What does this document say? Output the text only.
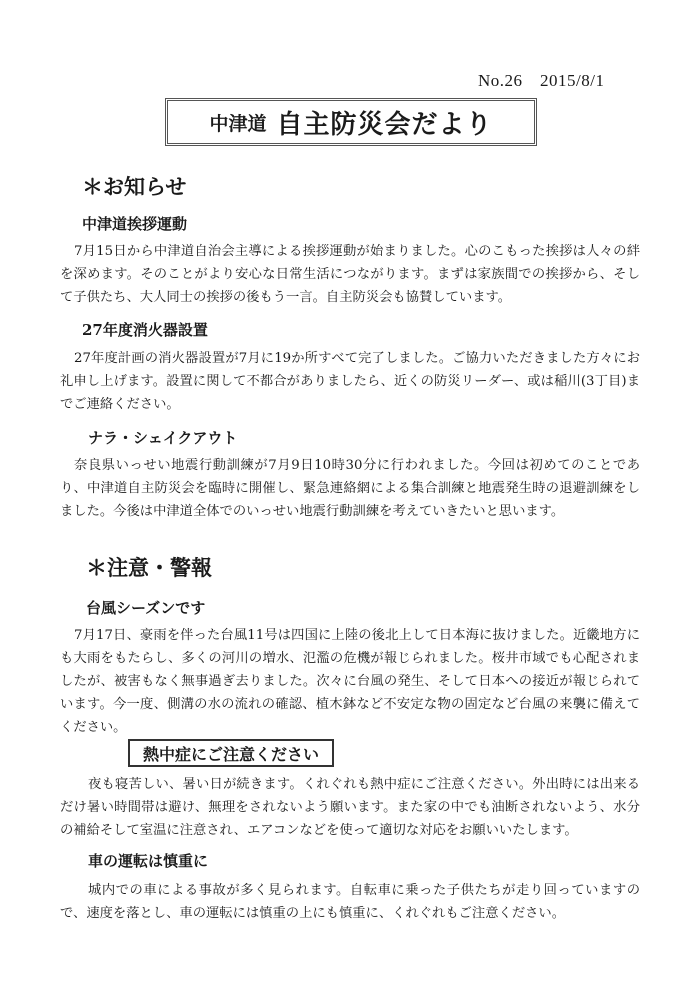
No.26　2015/8/1
中津道 自主防災会だより
＊お知らせ
中津道挨拶運動
7月15日から中津道自治会主導による挨拶運動が始まりました。心のこもった挨拶は人々の絆を深めます。そのことがより安心な日常生活につながります。まずは家族間での挨拶から、そして子供たち、大人同士の挨拶の後もう一言。自主防災会も協賛しています。
27年度消火器設置
27年度計画の消火器設置が7月に19か所すべて完了しました。ご協力いただきました方々にお礼申し上げます。設置に関して不都合がありましたら、近くの防災リーダー、或は稲川(3丁目)までご連絡ください。
ナラ・シェイクアウト
奈良県いっせい地震行動訓練が7月9日10時30分に行われました。今回は初めてのことであり、中津道自主防災会を臨時に開催し、緊急連絡網による集合訓練と地震発生時の退避訓練をしました。今後は中津道全体でのいっせい地震行動訓練を考えていきたいと思います。
＊注意・警報
台風シーズンです
7月17日、豪雨を伴った台風11号は四国に上陸の後北上して日本海に抜けました。近畿地方にも大雨をもたらし、多くの河川の増水、氾濫の危機が報じられました。桜井市域でも心配されましたが、被害もなく無事過ぎ去りました。次々に台風の発生、そして日本への接近が報じられています。今一度、側溝の水の流れの確認、植木鉢など不安定な物の固定など台風の来襲に備えてください。
熱中症にご注意ください
夜も寝苦しい、暑い日が続きます。くれぐれも熱中症にご注意ください。外出時には出来るだけ暑い時間帯は避け、無理をされないよう願います。また家の中でも油断されないよう、水分の補給そして室温に注意され、エアコンなどを使って適切な対応をお願いいたします。
車の運転は慎重に
城内での車による事故が多く見られます。自転車に乗った子供たちが走り回っていますので、速度を落とし、車の運転には慎重の上にも慎重に、くれぐれもご注意ください。
